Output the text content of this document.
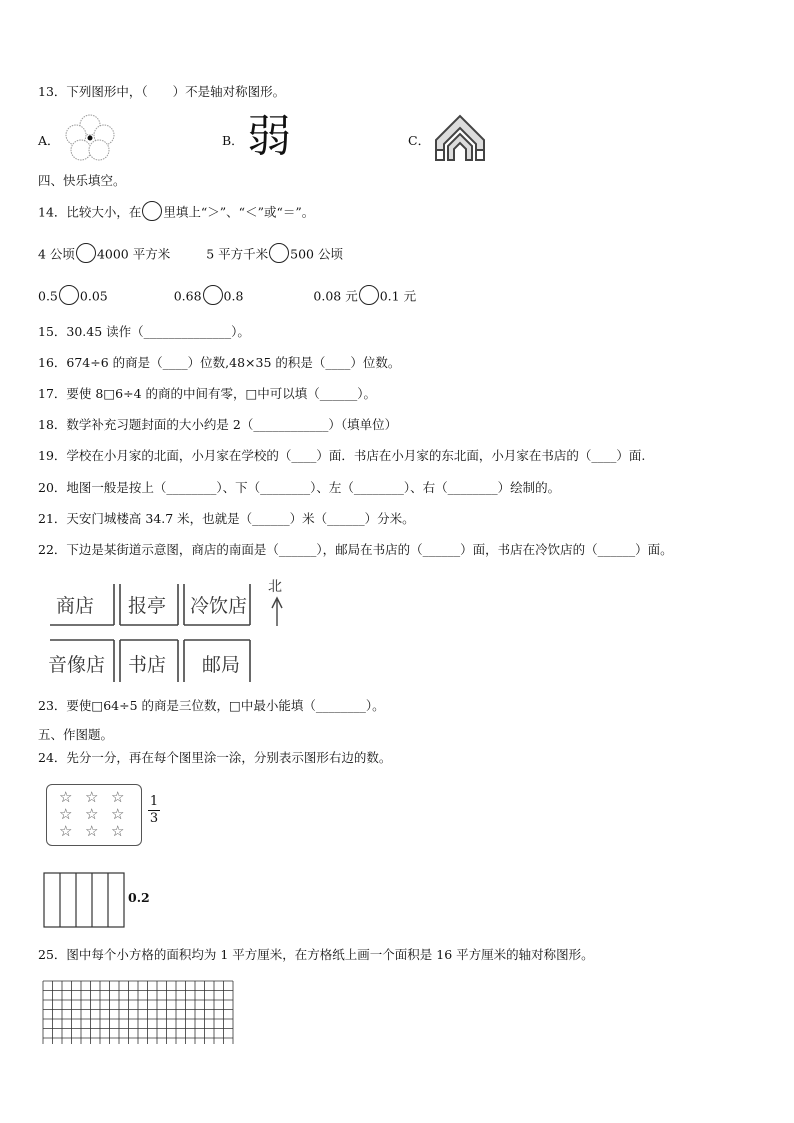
13．下列图形中，（　　）不是轴对称图形。
A．	B． 弱	C．
四、快乐填空。
14．比较大小，在 里填上“＞”、“＜”或“＝”。
4 公顷 4000 平方米	5 平方千米 500 公顷
0.5 0.05	0.68 0.8	0.08 元 0.1 元
15．30.45 读作（______________）。
16．674÷6 的商是（____）位数,48×35 的积是（____）位数。
17．要使 8□6÷4 的商的中间有零，□中可以填（______）。
18．数学补充习题封面的大小约是 2（____________）（填单位）
19．学校在小月家的北面，小月家在学校的（____）面．书店在小月家的东北面，小月家在书店的（____）面.
20．地图一般是按上（________）、下（________）、左（________）、右（________）绘制的。
21．天安门城楼高 34.7 米，也就是（______）米（______）分米。
22．下边是某街道示意图，商店的南面是（______），邮局在书店的（______）面，书店在冷饮店的（______）面。
商店 报亭 冷饮店
音像店 书店 邮局
北
23．要使□64÷5 的商是三位数，□中最小能填（________）。
五、作图题。
24．先分一分，再在每个图里涂一涂，分别表示图形右边的数。
☆ ☆ ☆
☆ ☆ ☆
☆ ☆ ☆
1
3
0.2
25．图中每个小方格的面积均为 1 平方厘米，在方格纸上画一个面积是 16 平方厘米的轴对称图形。
